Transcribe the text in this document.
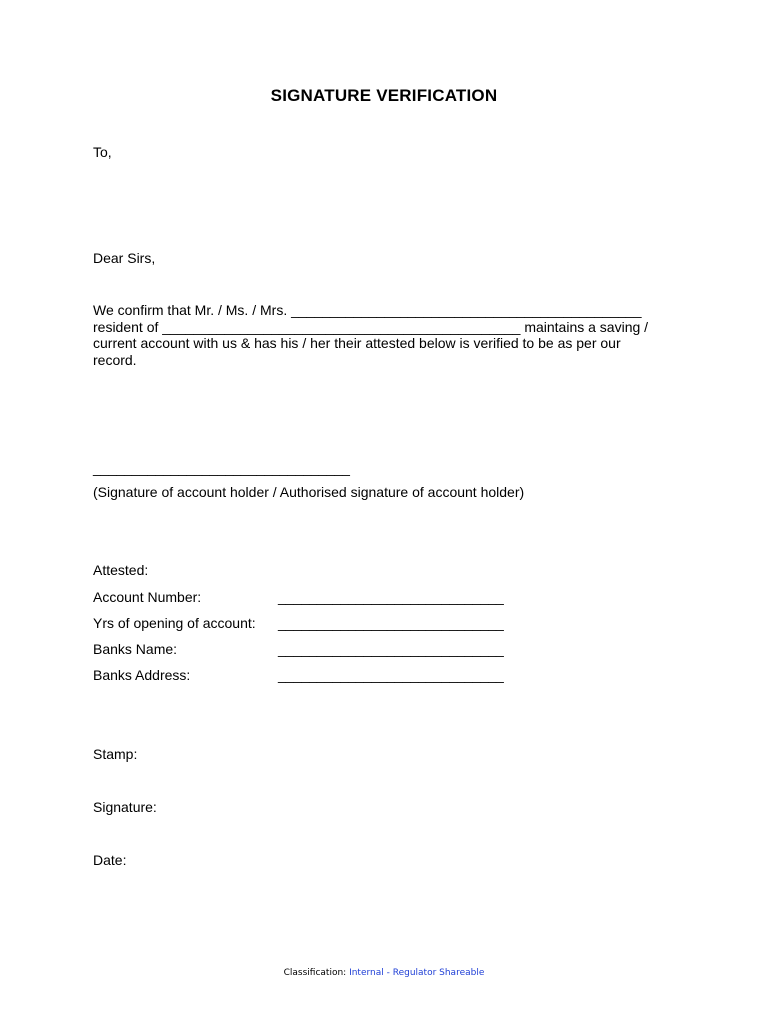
SIGNATURE VERIFICATION
To,
Dear Sirs,
We confirm that Mr. / Ms. / Mrs. _____________________________________________
resident of ______________________________________________ maintains a saving /
current account with us & has his / her their attested below is verified to be as per our
record.
_________________________________
(Signature of account holder / Authorised signature of account holder)
Attested:
Account Number:	_____________________________
Yrs of opening of account: _____________________________
Banks Name:	_____________________________
Banks Address:	_____________________________
Stamp:
Signature:
Date:
Classification: Internal - Regulator Shareable
